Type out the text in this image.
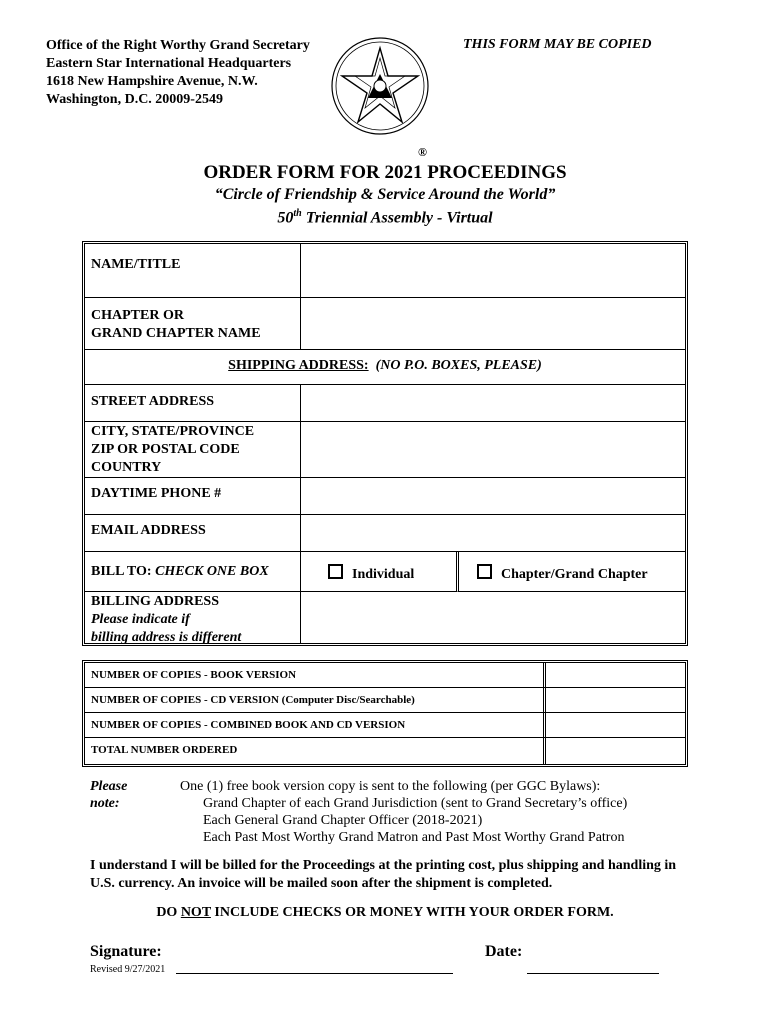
Office of the Right Worthy Grand Secretary
Eastern Star International Headquarters
1618 New Hampshire Avenue, N.W.
Washington, D.C. 20009-2549
THIS FORM MAY BE COPIED
®
ORDER FORM FOR 2021 PROCEEDINGS
“Circle of Friendship & Service Around the World”
50th Triennial Assembly - Virtual
NAME/TITLE
CHAPTER OR
GRAND CHAPTER NAME
SHIPPING ADDRESS: (NO P.O. BOXES, PLEASE)
STREET ADDRESS
CITY, STATE/PROVINCE
ZIP OR POSTAL CODE
COUNTRY
DAYTIME PHONE #
EMAIL ADDRESS
BILL TO: CHECK ONE BOX	Individual	Chapter/Grand Chapter
BILLING ADDRESS
Please indicate if
billing address is different
NUMBER OF COPIES - BOOK VERSION
NUMBER OF COPIES - CD VERSION (Computer Disc/Searchable)
NUMBER OF COPIES - COMBINED BOOK AND CD VERSION
TOTAL NUMBER ORDERED
Please note:
One (1) free book version copy is sent to the following (per GGC Bylaws):
Grand Chapter of each Grand Jurisdiction (sent to Grand Secretary’s office)
Each General Grand Chapter Officer (2018-2021)
Each Past Most Worthy Grand Matron and Past Most Worthy Grand Patron
I understand I will be billed for the Proceedings at the printing cost, plus shipping and handling in U.S. currency. An invoice will be mailed soon after the shipment is completed.
DO NOT INCLUDE CHECKS OR MONEY WITH YOUR ORDER FORM.
Signature:	Date:
Revised 9/27/2021
